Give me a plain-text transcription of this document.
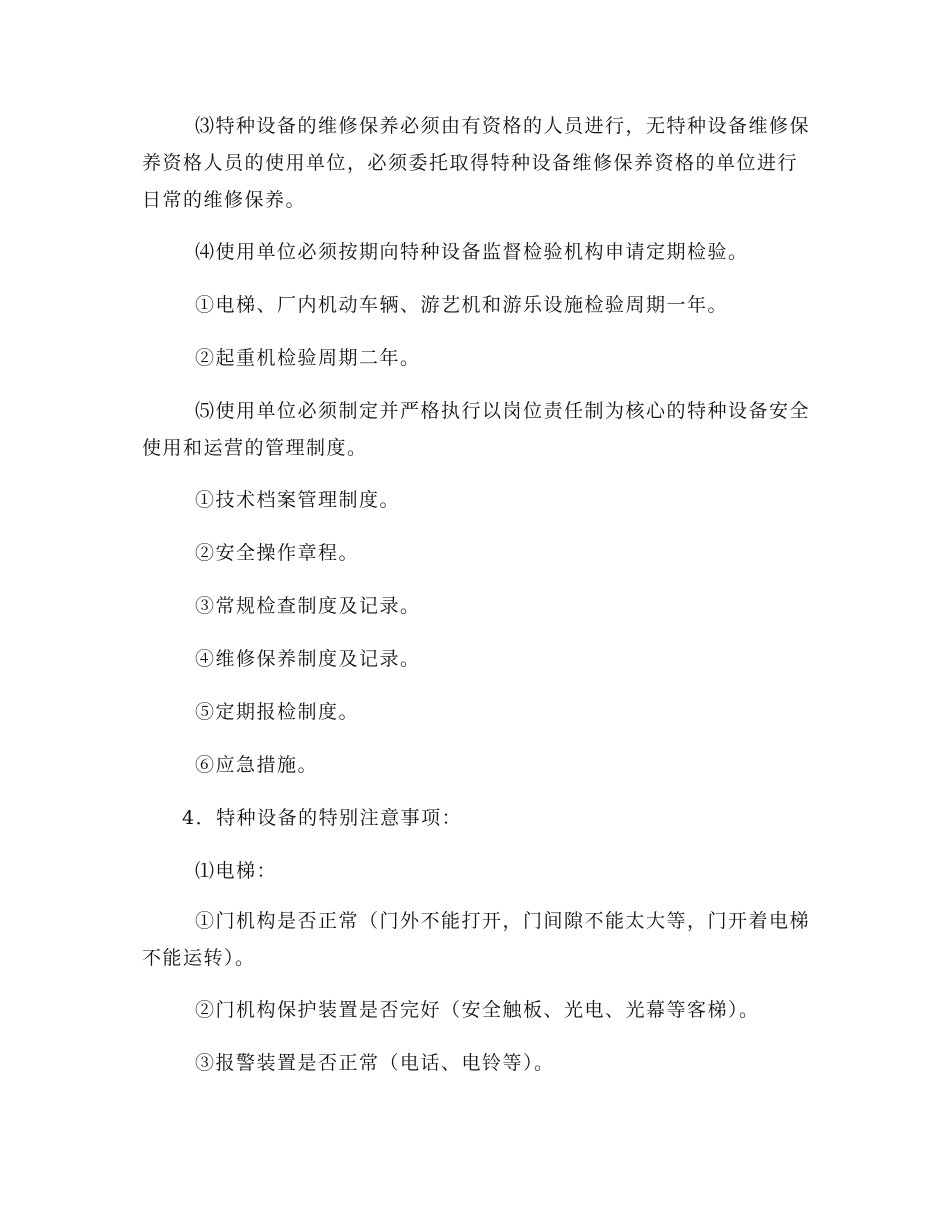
⑶特种设备的维修保养必须由有资格的人员进行，无特种设备维修保养资格人员的使用单位，必须委托取得特种设备维修保养资格的单位进行日常的维修保养。

⑷使用单位必须按期向特种设备监督检验机构申请定期检验。

①电梯、厂内机动车辆、游艺机和游乐设施检验周期一年。

②起重机检验周期二年。

⑸使用单位必须制定并严格执行以岗位责任制为核心的特种设备安全使用和运营的管理制度。

①技术档案管理制度。

②安全操作章程。

③常规检查制度及记录。

④维修保养制度及记录。

⑤定期报检制度。

⑥应急措施。

4．特种设备的特别注意事项：

⑴电梯：

①门机构是否正常（门外不能打开，门间隙不能太大等，门开着电梯不能运转）。

②门机构保护装置是否完好（安全触板、光电、光幕等客梯）。

③报警装置是否正常（电话、电铃等）。
